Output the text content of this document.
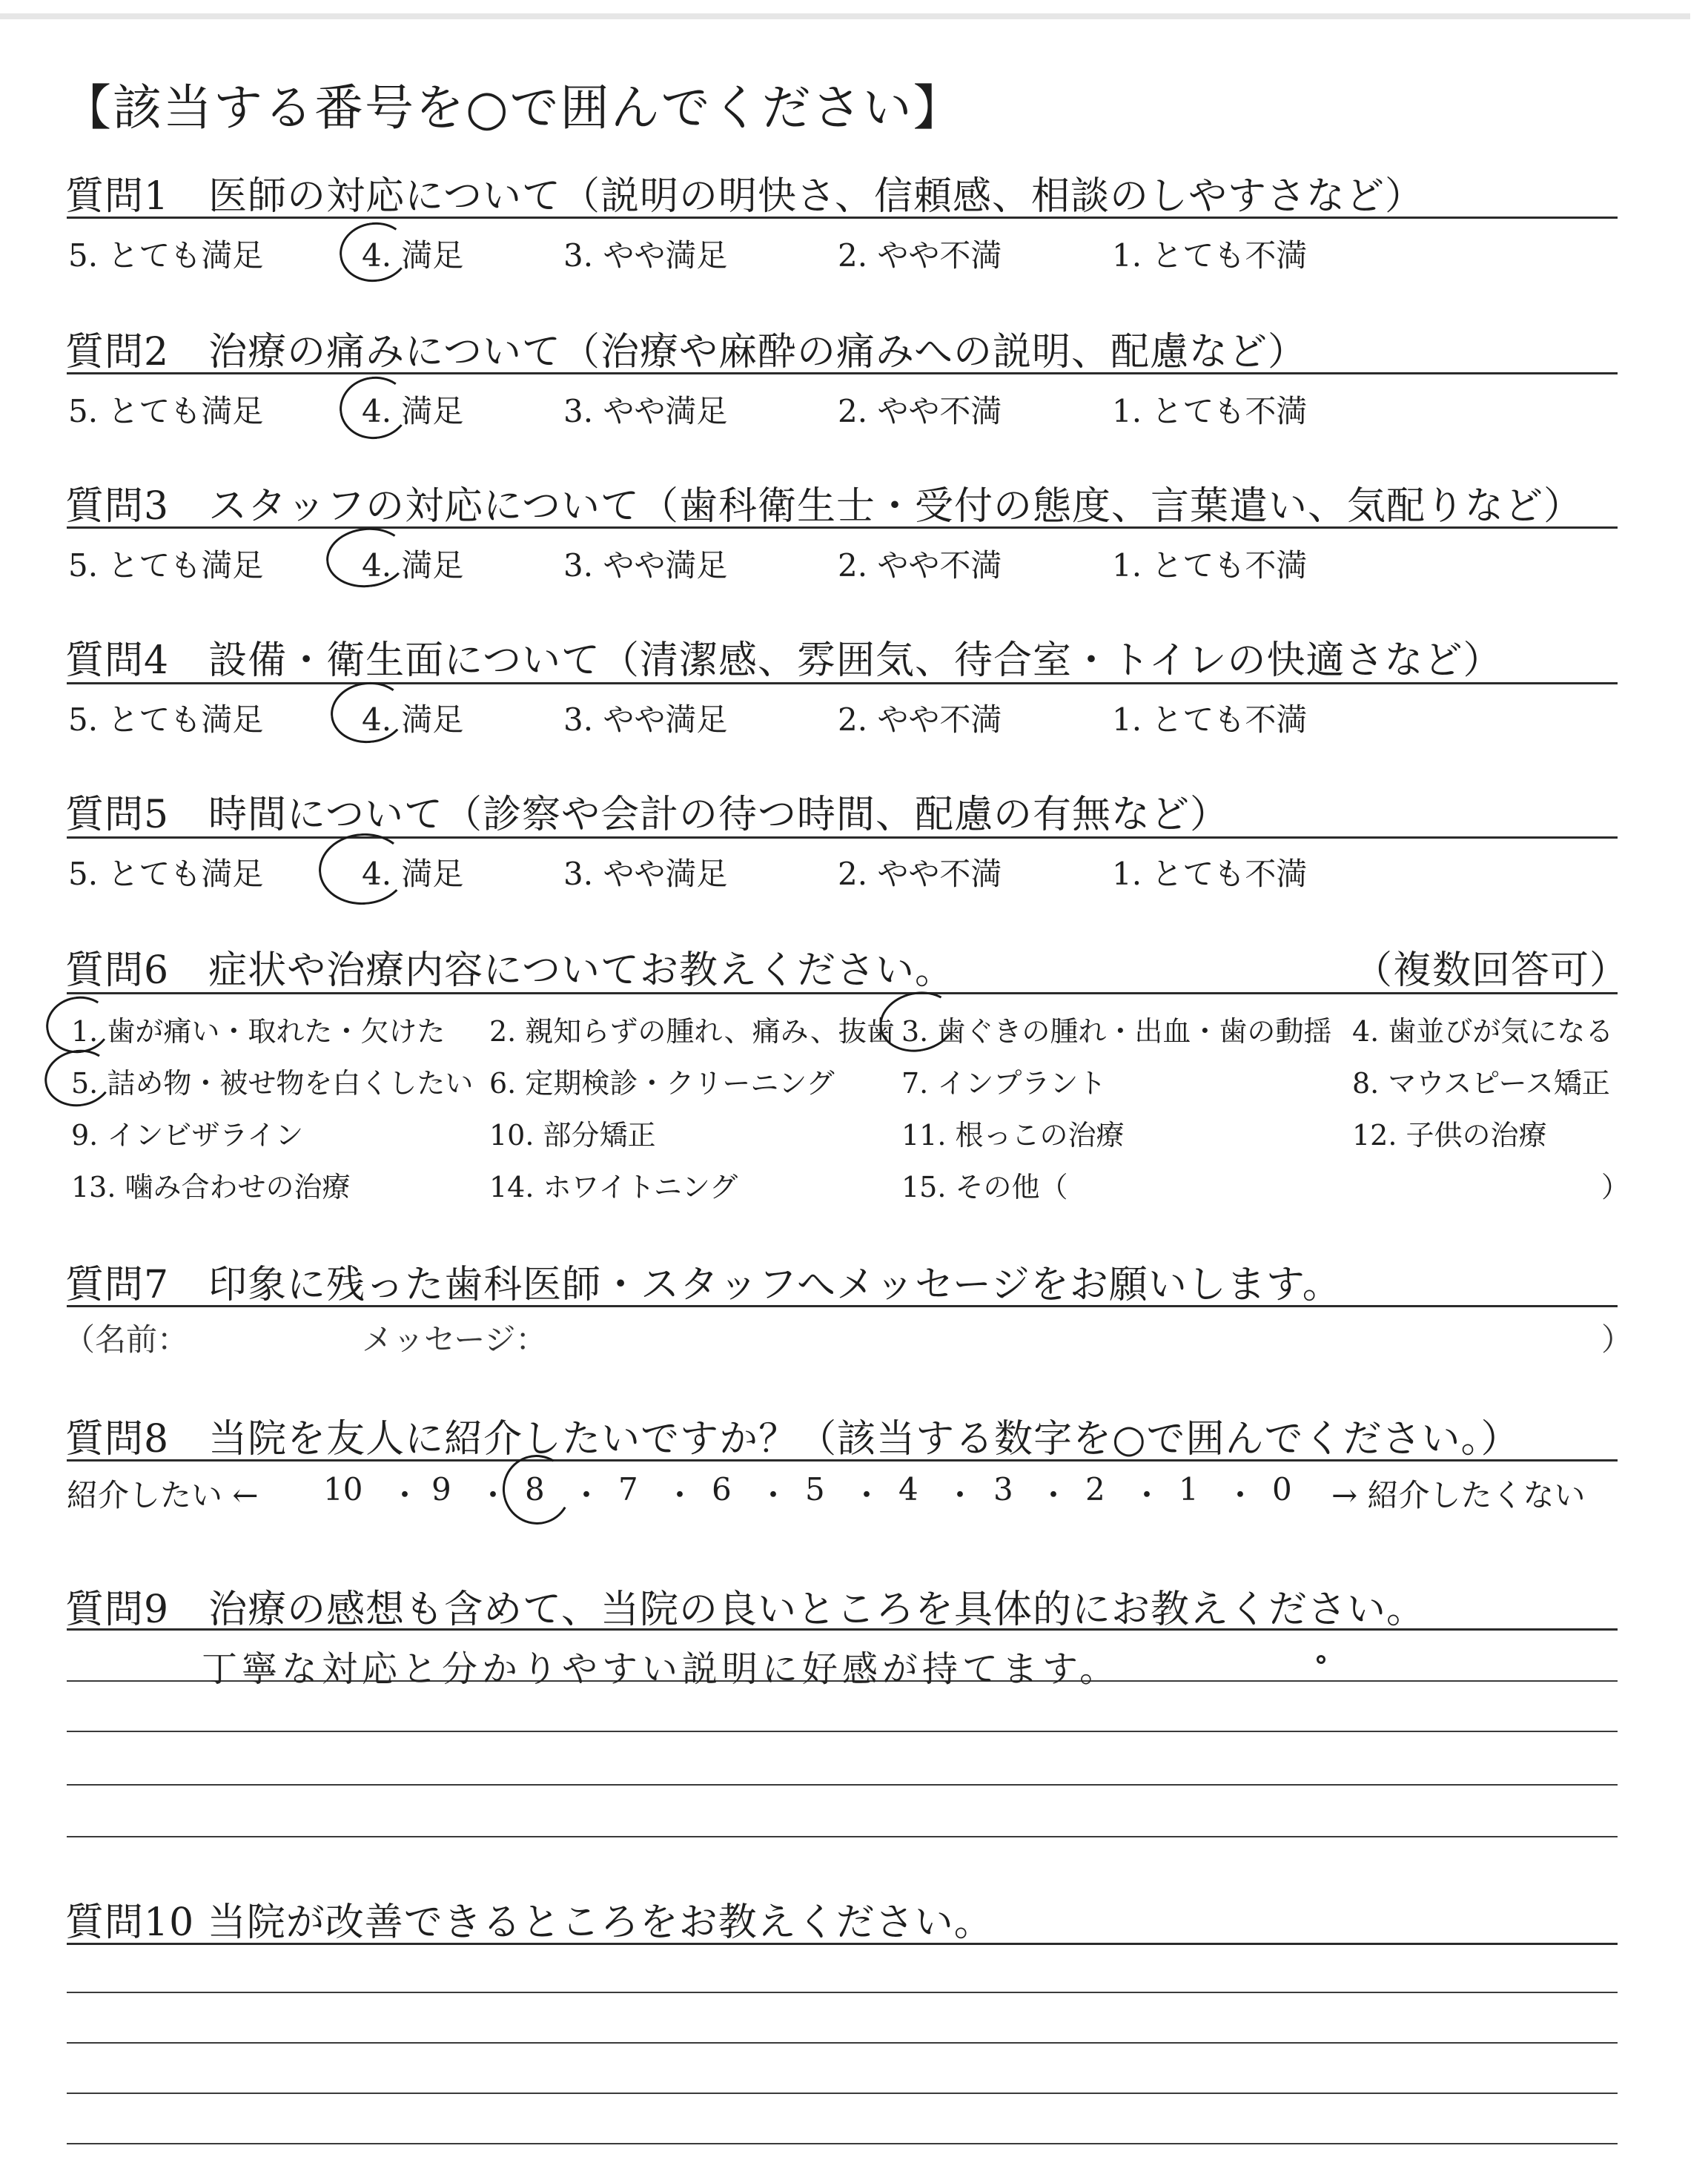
【該当する番号を○で囲んでください】
質問1　医師の対応について（説明の明快さ、信頼感、相談のしやすさなど）
5. とても満足	4. 満足	3. やや満足	2. やや不満	1. とても不満
質問2　治療の痛みについて（治療や麻酔の痛みへの説明、配慮など）
5. とても満足	4. 満足	3. やや満足	2. やや不満	1. とても不満
質問3　スタッフの対応について（歯科衛生士・受付の態度、言葉遣い、気配りなど）
5. とても満足	4. 満足	3. やや満足	2. やや不満	1. とても不満
質問4　設備・衛生面について（清潔感、雰囲気、待合室・トイレの快適さなど）
5. とても満足	4. 満足	3. やや満足	2. やや不満	1. とても不満
質問5　時間について（診察や会計の待つ時間、配慮の有無など）
5. とても満足	4. 満足	3. やや満足	2. やや不満	1. とても不満
質問6　症状や治療内容についてお教えください。	（複数回答可）
1. 歯が痛い・取れた・欠けた 2. 親知らずの腫れ、痛み、抜歯 3. 歯ぐきの腫れ・出血・歯の動揺 4. 歯並びが気になる
5. 詰め物・被せ物を白くしたい 6. 定期検診・クリーニング 7. インプラント	8. マウスピース矯正
9. インビザライン	10. 部分矯正	11. 根っこの治療	12. 子供の治療
13. 噛み合わせの治療	14. ホワイトニング	15. その他（	）
質問7　印象に残った歯科医師・スタッフへメッセージをお願いします。
（名前：	メッセージ：	）
質問8　当院を友人に紹介したいですか？（該当する数字を○で囲んでください。）
紹介したい ← 10 ・ 9 ・ 8 ・ 7 ・ 6 ・ 5 ・ 4 ・ 3 ・ 2 ・ 1 ・ 0 → 紹介したくない
質問9　治療の感想も含めて、当院の良いところを具体的にお教えください。
丁寧な対応と分かりやすい説明に好感が持てます。
質問10 当院が改善できるところをお教えください。
